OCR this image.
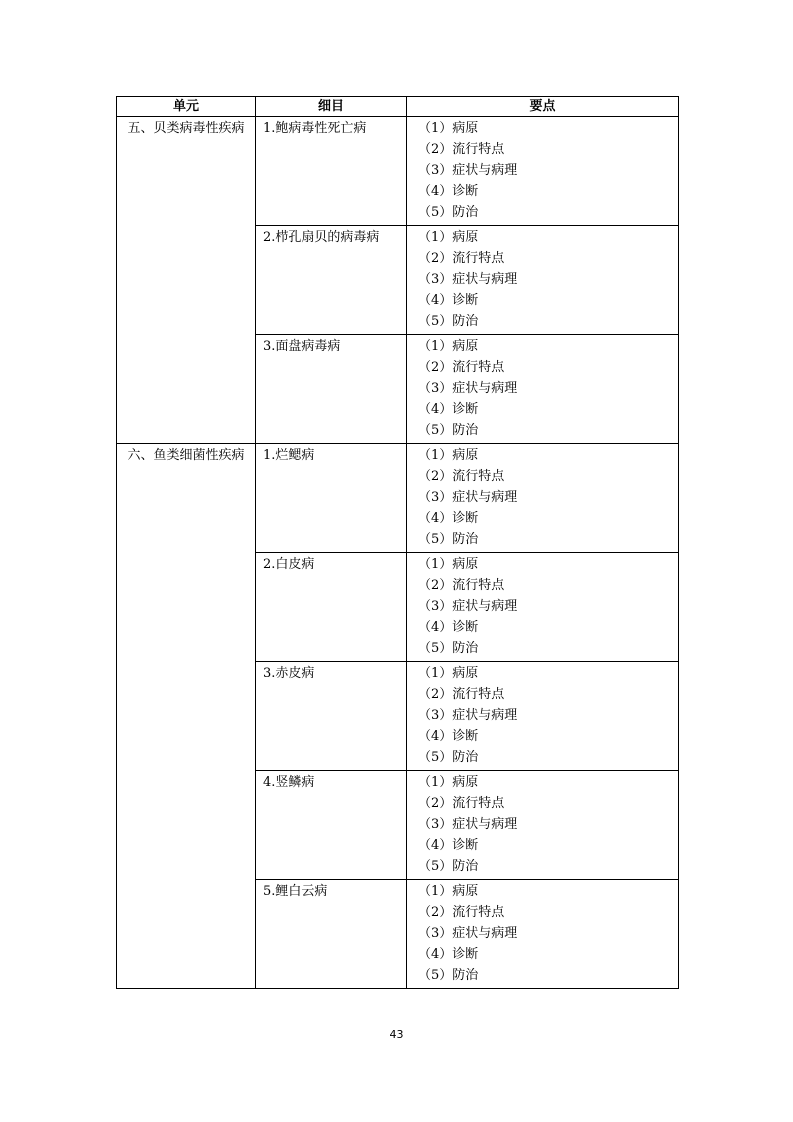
单元	细目	要点
五、贝类病毒性疾病	1.鲍病毒性死亡病	（1）病原
（2）流行特点
（3）症状与病理
（4）诊断
（5）防治

	2.栉孔扇贝的病毒病	（1）病原
（2）流行特点
（3）症状与病理
（4）诊断
（5）防治

	3.面盘病毒病	（1）病原
（2）流行特点
（3）症状与病理
（4）诊断
（5）防治

六、鱼类细菌性疾病	1.烂鳃病	（1）病原
（2）流行特点
（3）症状与病理
（4）诊断
（5）防治

	2.白皮病	（1）病原
（2）流行特点
（3）症状与病理
（4）诊断
（5）防治

	3.赤皮病	（1）病原
（2）流行特点
（3）症状与病理
（4）诊断
（5）防治

	4.竖鳞病	（1）病原
（2）流行特点
（3）症状与病理
（4）诊断
（5）防治

	5.鲤白云病	（1）病原
（2）流行特点
（3）症状与病理
（4）诊断
（5）防治
43
